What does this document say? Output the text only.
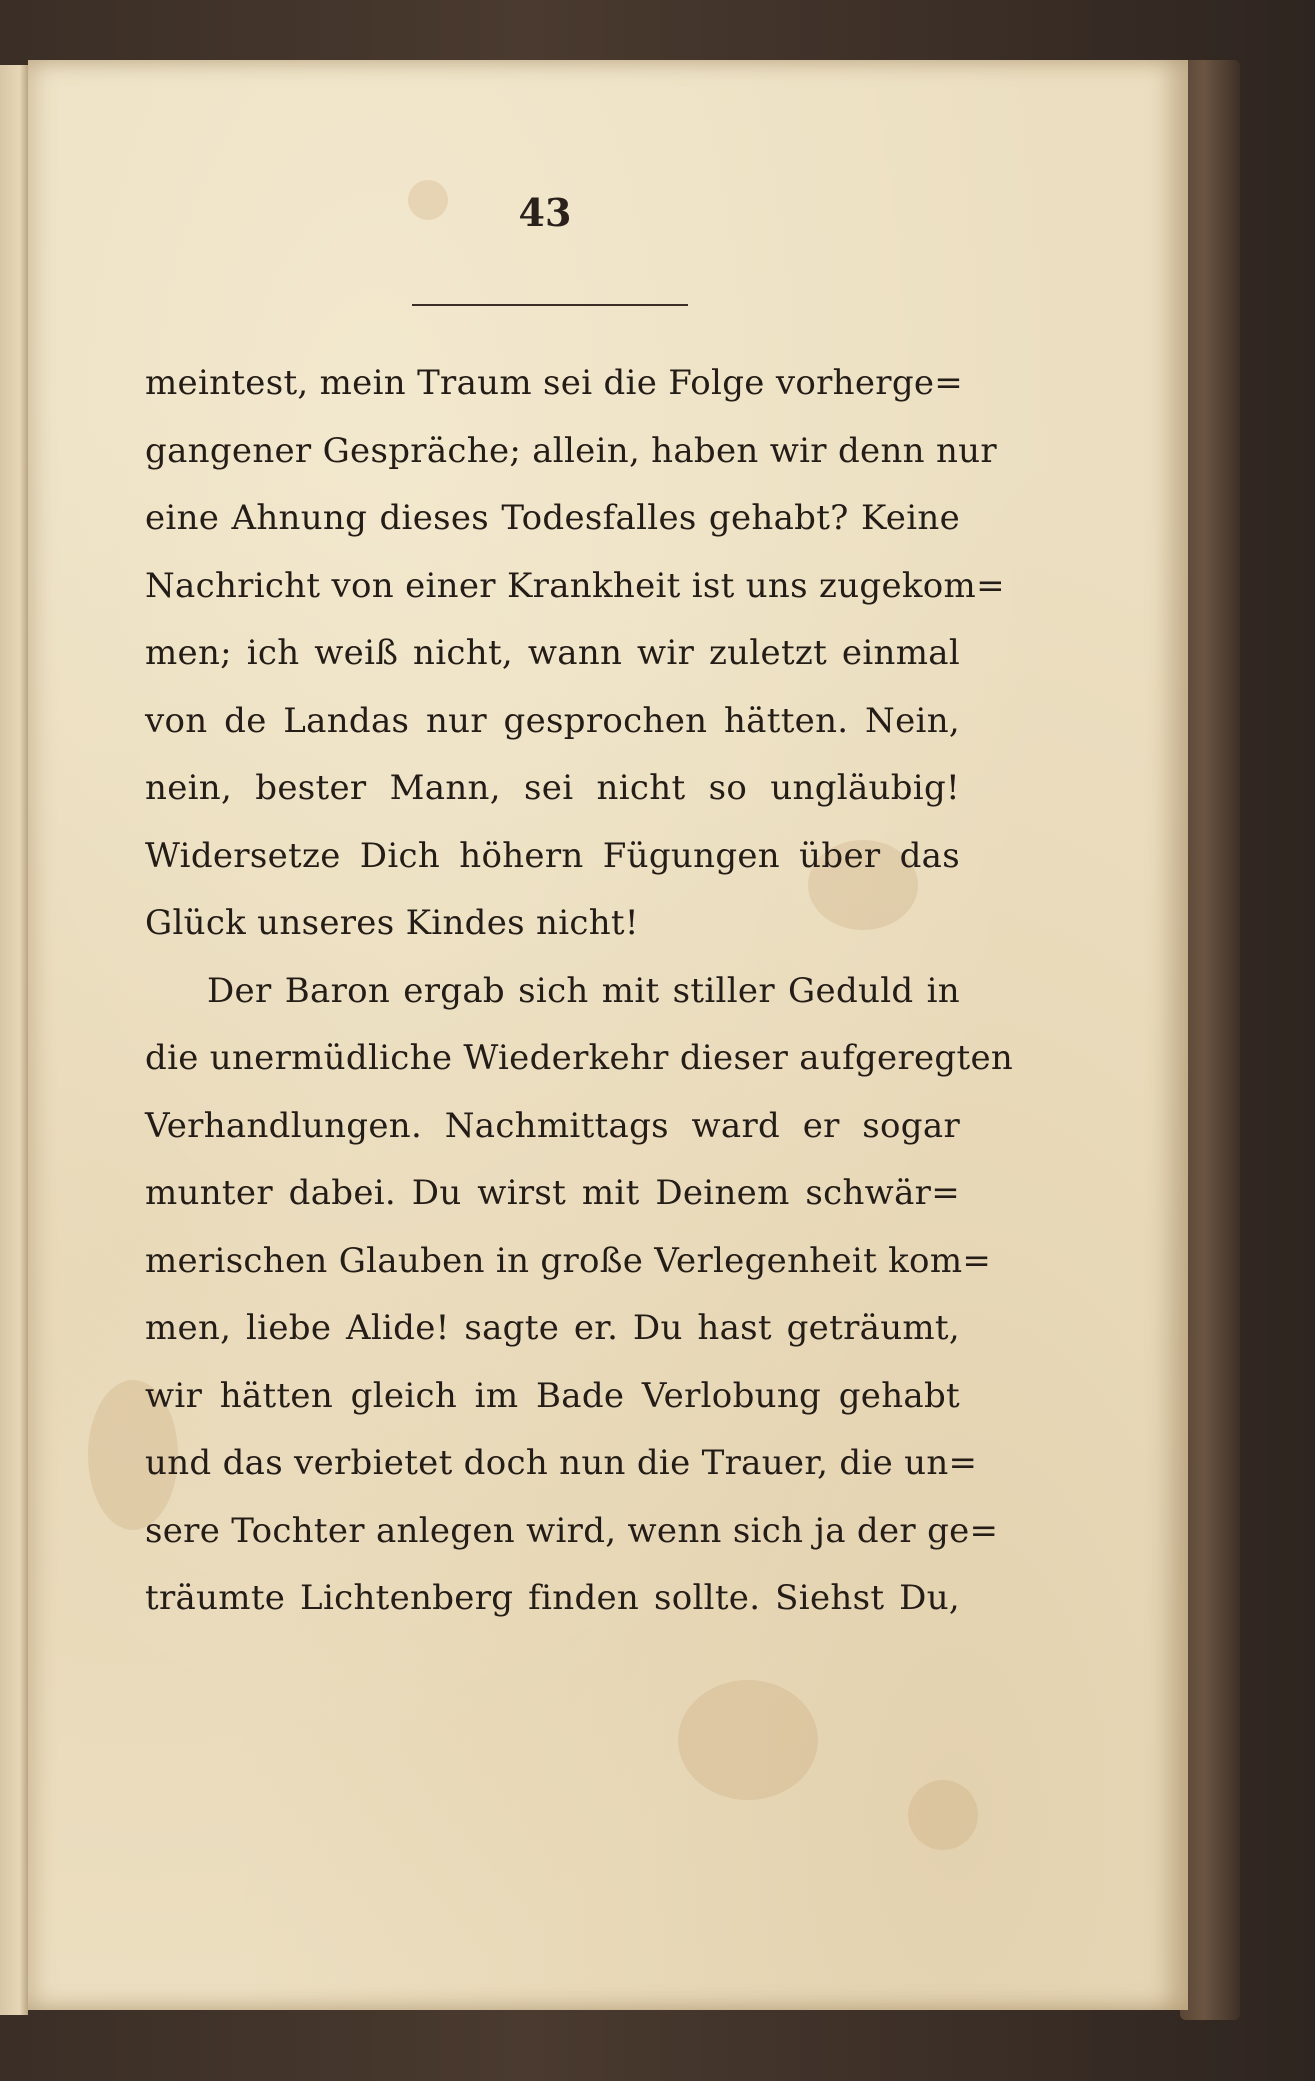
43
meintest, mein Traum sei die Folge vorherge=
gangener Gespräche; allein, haben wir denn nur
eine Ahnung dieses Todesfalles gehabt? Keine
Nachricht von einer Krankheit ist uns zugekom=
men; ich weiß nicht, wann wir zuletzt einmal
von de Landas nur gesprochen hätten. Nein,
nein, bester Mann, sei nicht so ungläubig!
Widersetze Dich höhern Fügungen über das
Glück unseres Kindes nicht!
Der Baron ergab sich mit stiller Geduld in
die unermüdliche Wiederkehr dieser aufgeregten
Verhandlungen. Nachmittags ward er sogar
munter dabei. Du wirst mit Deinem schwär=
merischen Glauben in große Verlegenheit kom=
men, liebe Alide! sagte er. Du hast geträumt,
wir hätten gleich im Bade Verlobung gehabt
und das verbietet doch nun die Trauer, die un=
sere Tochter anlegen wird, wenn sich ja der ge=
träumte Lichtenberg finden sollte. Siehst Du,
